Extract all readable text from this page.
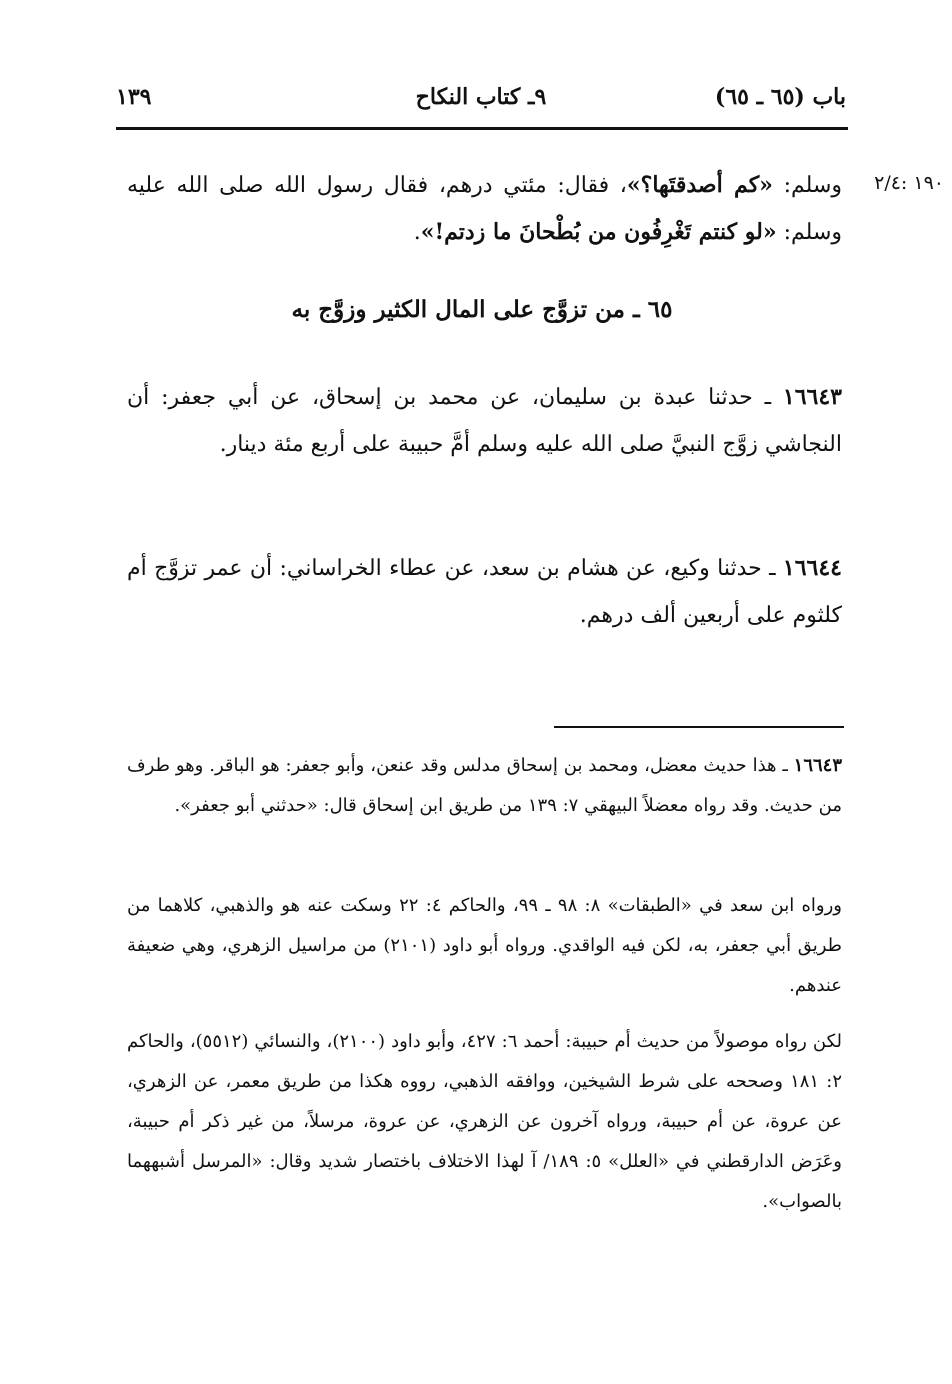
باب (٦٥ ـ ٦٥)
٩ـ كتاب النكاح
١٣٩
١٩٠ :٢/٤
وسلم: «كم أصدقتَها؟»، فقال: مئتي درهم، فقال رسول الله صلى الله عليه وسلم: «لو كنتم تَغْرِفُون من بُطْحانَ ما زدتم!».
٦٥ ـ من تزوَّج على المال الكثير وزوَّج به
١٦٦٤٣ ـ حدثنا عبدة بن سليمان، عن محمد بن إسحاق، عن أبي جعفر: أن النجاشي زوَّج النبيَّ صلى الله عليه وسلم أمَّ حبيبة على أربع مئة دينار.
١٦٦٤٤ ـ حدثنا وكيع، عن هشام بن سعد، عن عطاء الخراساني: أن عمر تزوَّج أم كلثوم على أربعين ألف درهم.
١٦٦٤٣ ـ هذا حديث معضل، ومحمد بن إسحاق مدلس وقد عنعن، وأبو جعفر: هو الباقر. وهو طرف من حديث. وقد رواه معضلاً البيهقي ٧: ١٣٩ من طريق ابن إسحاق قال: «حدثني أبو جعفر».
ورواه ابن سعد في «الطبقات» ٨: ٩٨ ـ ٩٩، والحاكم ٤: ٢٢ وسكت عنه هو والذهبي، كلاهما من طريق أبي جعفر، به، لكن فيه الواقدي. ورواه أبو داود (٢١٠١) من مراسيل الزهري، وهي ضعيفة عندهم.
لكن رواه موصولاً من حديث أم حبيبة: أحمد ٦: ٤٢٧، وأبو داود (٢١٠٠)، والنسائي (٥٥١٢)، والحاكم ٢: ١٨١ وصححه على شرط الشيخين، ووافقه الذهبي، رووه هكذا من طريق معمر، عن الزهري، عن عروة، عن أم حبيبة، ورواه آخرون عن الزهري، عن عروة، مرسلاً، من غير ذكر أم حبيبة، وعَرَض الدارقطني في «العلل» ٥: ١٨٩/ آ لهذا الاختلاف باختصار شديد وقال: «المرسل أشبههما بالصواب».
